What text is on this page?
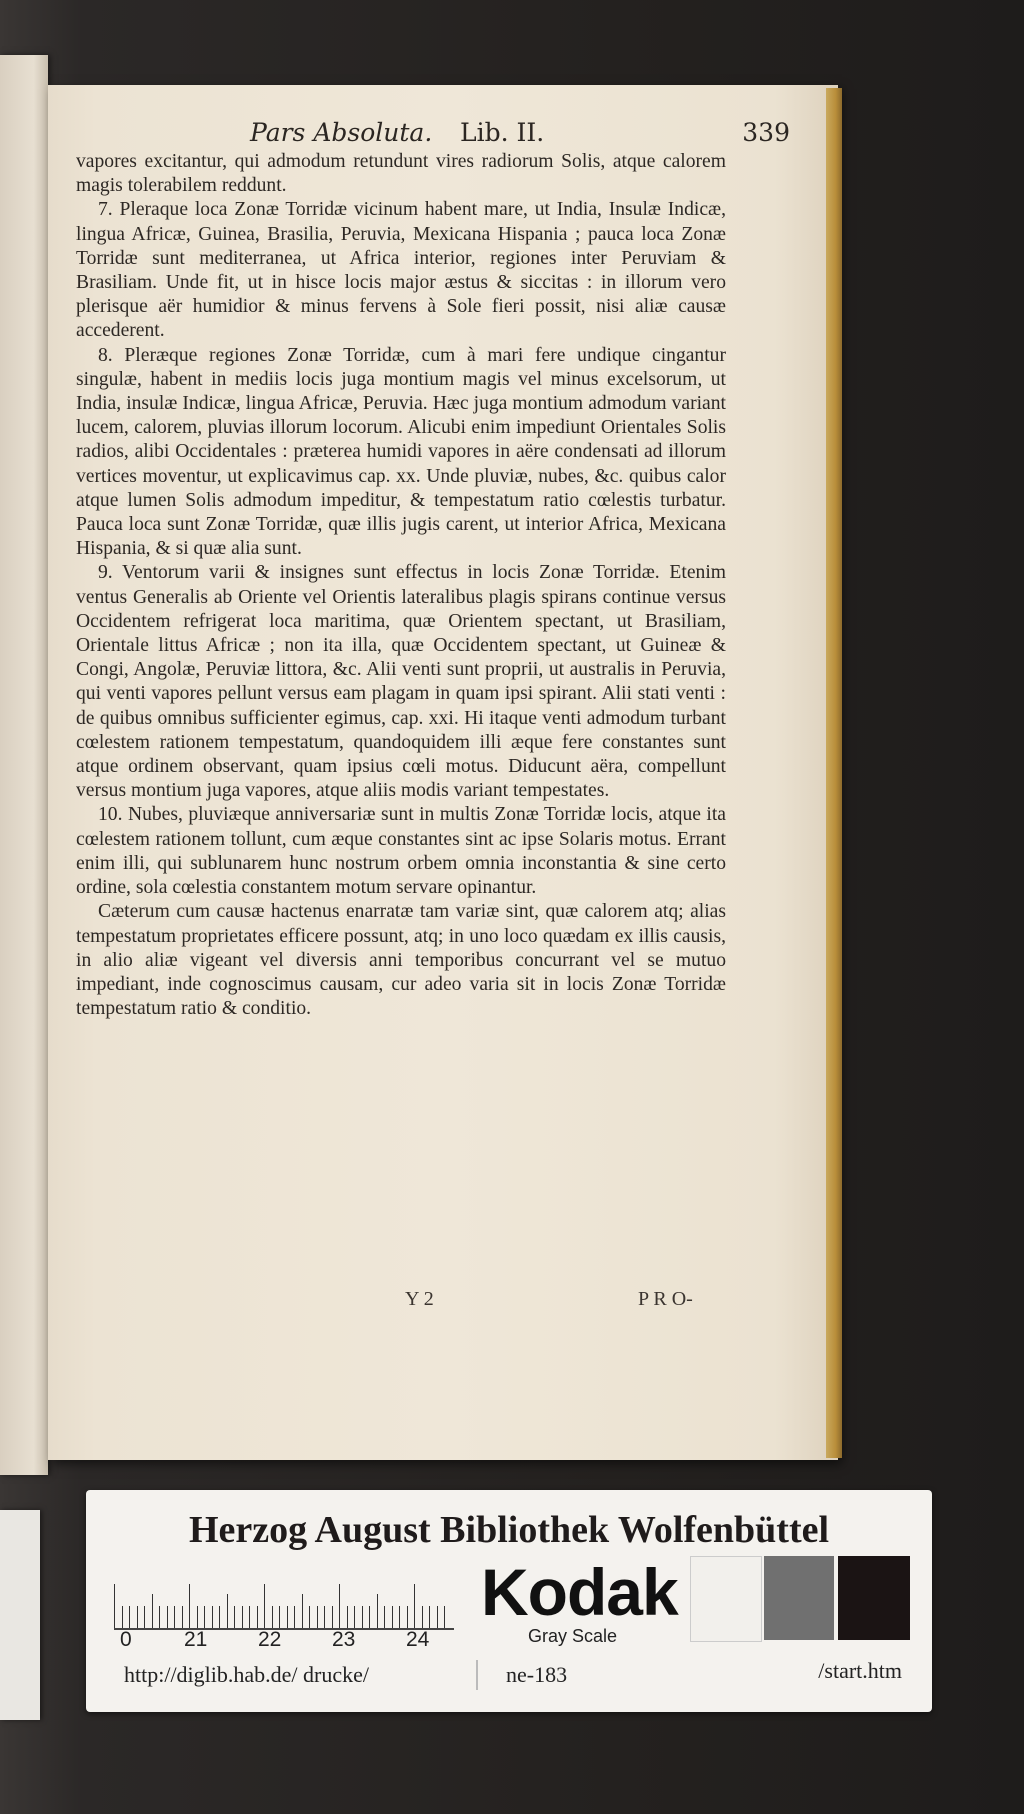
Pars Absoluta. Lib. II.	339

vapores excitantur, qui admodum retundunt vires radiorum Solis, atque calorem magis tolerabilem reddunt.

7. Pleraque loca Zonæ Torridæ vicinum habent mare, ut India, Insulæ Indicæ, lingua Africæ, Guinea, Brasilia, Peruvia, Mexicana Hispania ; pauca loca Zonæ Torridæ sunt mediterranea, ut Africa interior, regiones inter Peruviam & Brasiliam. Unde fit, ut in hisce locis major æstus & siccitas : in illorum vero plerisque aër humidior & minus fervens à Sole fieri possit, nisi aliæ causæ accederent.

8. Pleræque regiones Zonæ Torridæ, cum à mari fere undique cingantur singulæ, habent in mediis locis juga montium magis vel minus excelsorum, ut India, insulæ Indicæ, lingua Africæ, Peruvia. Hæc juga montium admodum variant lucem, calorem, pluvias illorum locorum. Alicubi enim impediunt Orientales Solis radios, alibi Occidentales : præterea humidi vapores in aëre condensati ad illorum vertices moventur, ut explicavimus cap. xx. Unde pluviæ, nubes, &c. quibus calor atque lumen Solis admodum impeditur, & tempestatum ratio cœlestis turbatur. Pauca loca sunt Zonæ Torridæ, quæ illis jugis carent, ut interior Africa, Mexicana Hispania, & si quæ alia sunt.

9. Ventorum varii & insignes sunt effectus in locis Zonæ Torridæ. Etenim ventus Generalis ab Oriente vel Orientis lateralibus plagis spirans continue versus Occidentem refrigerat loca maritima, quæ Orientem spectant, ut Brasiliam, Orientale littus Africæ ; non ita illa, quæ Occidentem spectant, ut Guineæ & Congi, Angolæ, Peruviæ littora, &c. Alii venti sunt proprii, ut australis in Peruvia, qui venti vapores pellunt versus eam plagam in quam ipsi spirant. Alii stati venti : de quibus omnibus sufficienter egimus, cap. xxi. Hi itaque venti admodum turbant cœlestem rationem tempestatum, quandoquidem illi æque fere constantes sunt atque ordinem observant, quam ipsius cœli motus. Diducunt aëra, compellunt versus montium juga vapores, atque aliis modis variant tempestates.

10. Nubes, pluviæque anniversariæ sunt in multis Zonæ Torridæ locis, atque ita cœlestem rationem tollunt, cum æque constantes sint ac ipse Solaris motus. Errant enim illi, qui sublunarem hunc nostrum orbem omnia inconstantia & sine certo ordine, sola cœlestia constantem motum servare opinantur.

Cæterum cum causæ hactenus enarratæ tam variæ sint, quæ calorem atq; alias tempestatum proprietates efficere possunt, atq; in uno loco quædam ex illis causis, in alio aliæ vigeant vel diversis anni temporibus concurrant vel se mutuo impediant, inde cognoscimus causam, cur adeo varia sit in locis Zonæ Torridæ tempestatum ratio & conditio.

Y 2	P R O-
Herzog August Bibliothek Wolfenbüttel
0 21 22 23 24
Kodak
Gray Scale
http://diglib.hab.de/ drucke/	ne-183	/start.htm
